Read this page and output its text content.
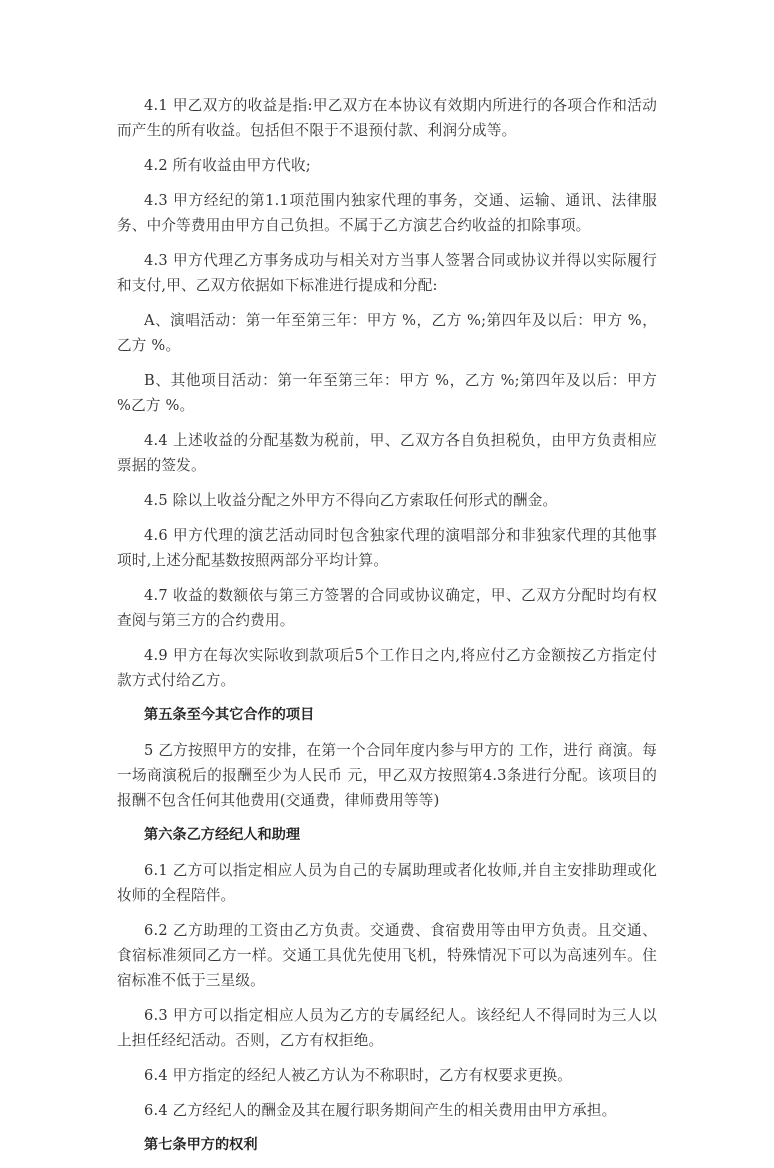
4.1 甲乙双方的收益是指:甲乙双方在本协议有效期内所进行的各项合作和活动而产生的所有收益。包括但不限于不退预付款、利润分成等。

4.2 所有收益由甲方代收;

4.3 甲方经纪的第1.1项范围内独家代理的事务，交通、运输、通讯、法律服务、中介等费用由甲方自己负担。不属于乙方演艺合约收益的扣除事项。

4.3 甲方代理乙方事务成功与相关对方当事人签署合同或协议并得以实际履行和支付,甲、乙双方依据如下标准进行提成和分配:

A、演唱活动：第一年至第三年：甲方 %，乙方 %;第四年及以后：甲方 %，乙方 %。

B、其他项目活动：第一年至第三年：甲方 %，乙方 %;第四年及以后：甲方 %乙方 %。

4.4 上述收益的分配基数为税前，甲、乙双方各自负担税负，由甲方负责相应票据的签发。

4.5 除以上收益分配之外甲方不得向乙方索取任何形式的酬金。

4.6 甲方代理的演艺活动同时包含独家代理的演唱部分和非独家代理的其他事项时,上述分配基数按照两部分平均计算。

4.7 收益的数额依与第三方签署的合同或协议确定，甲、乙双方分配时均有权查阅与第三方的合约费用。

4.9 甲方在每次实际收到款项后5个工作日之内,将应付乙方金额按乙方指定付款方式付给乙方。

第五条至今其它合作的项目

5 乙方按照甲方的安排，在第一个合同年度内参与甲方的 工作，进行 商演。每一场商演税后的报酬至少为人民币 元，甲乙双方按照第4.3条进行分配。该项目的报酬不包含任何其他费用(交通费，律师费用等等)

第六条乙方经纪人和助理

6.1 乙方可以指定相应人员为自己的专属助理或者化妆师,并自主安排助理或化妆师的全程陪伴。

6.2 乙方助理的工资由乙方负责。交通费、食宿费用等由甲方负责。且交通、食宿标准须同乙方一样。交通工具优先使用飞机，特殊情况下可以为高速列车。住宿标准不低于三星级。

6.3 甲方可以指定相应人员为乙方的专属经纪人。该经纪人不得同时为三人以上担任经纪活动。否则，乙方有权拒绝。

6.4 甲方指定的经纪人被乙方认为不称职时，乙方有权要求更换。

6.4 乙方经纪人的酬金及其在履行职务期间产生的相关费用由甲方承担。

第七条甲方的权利
